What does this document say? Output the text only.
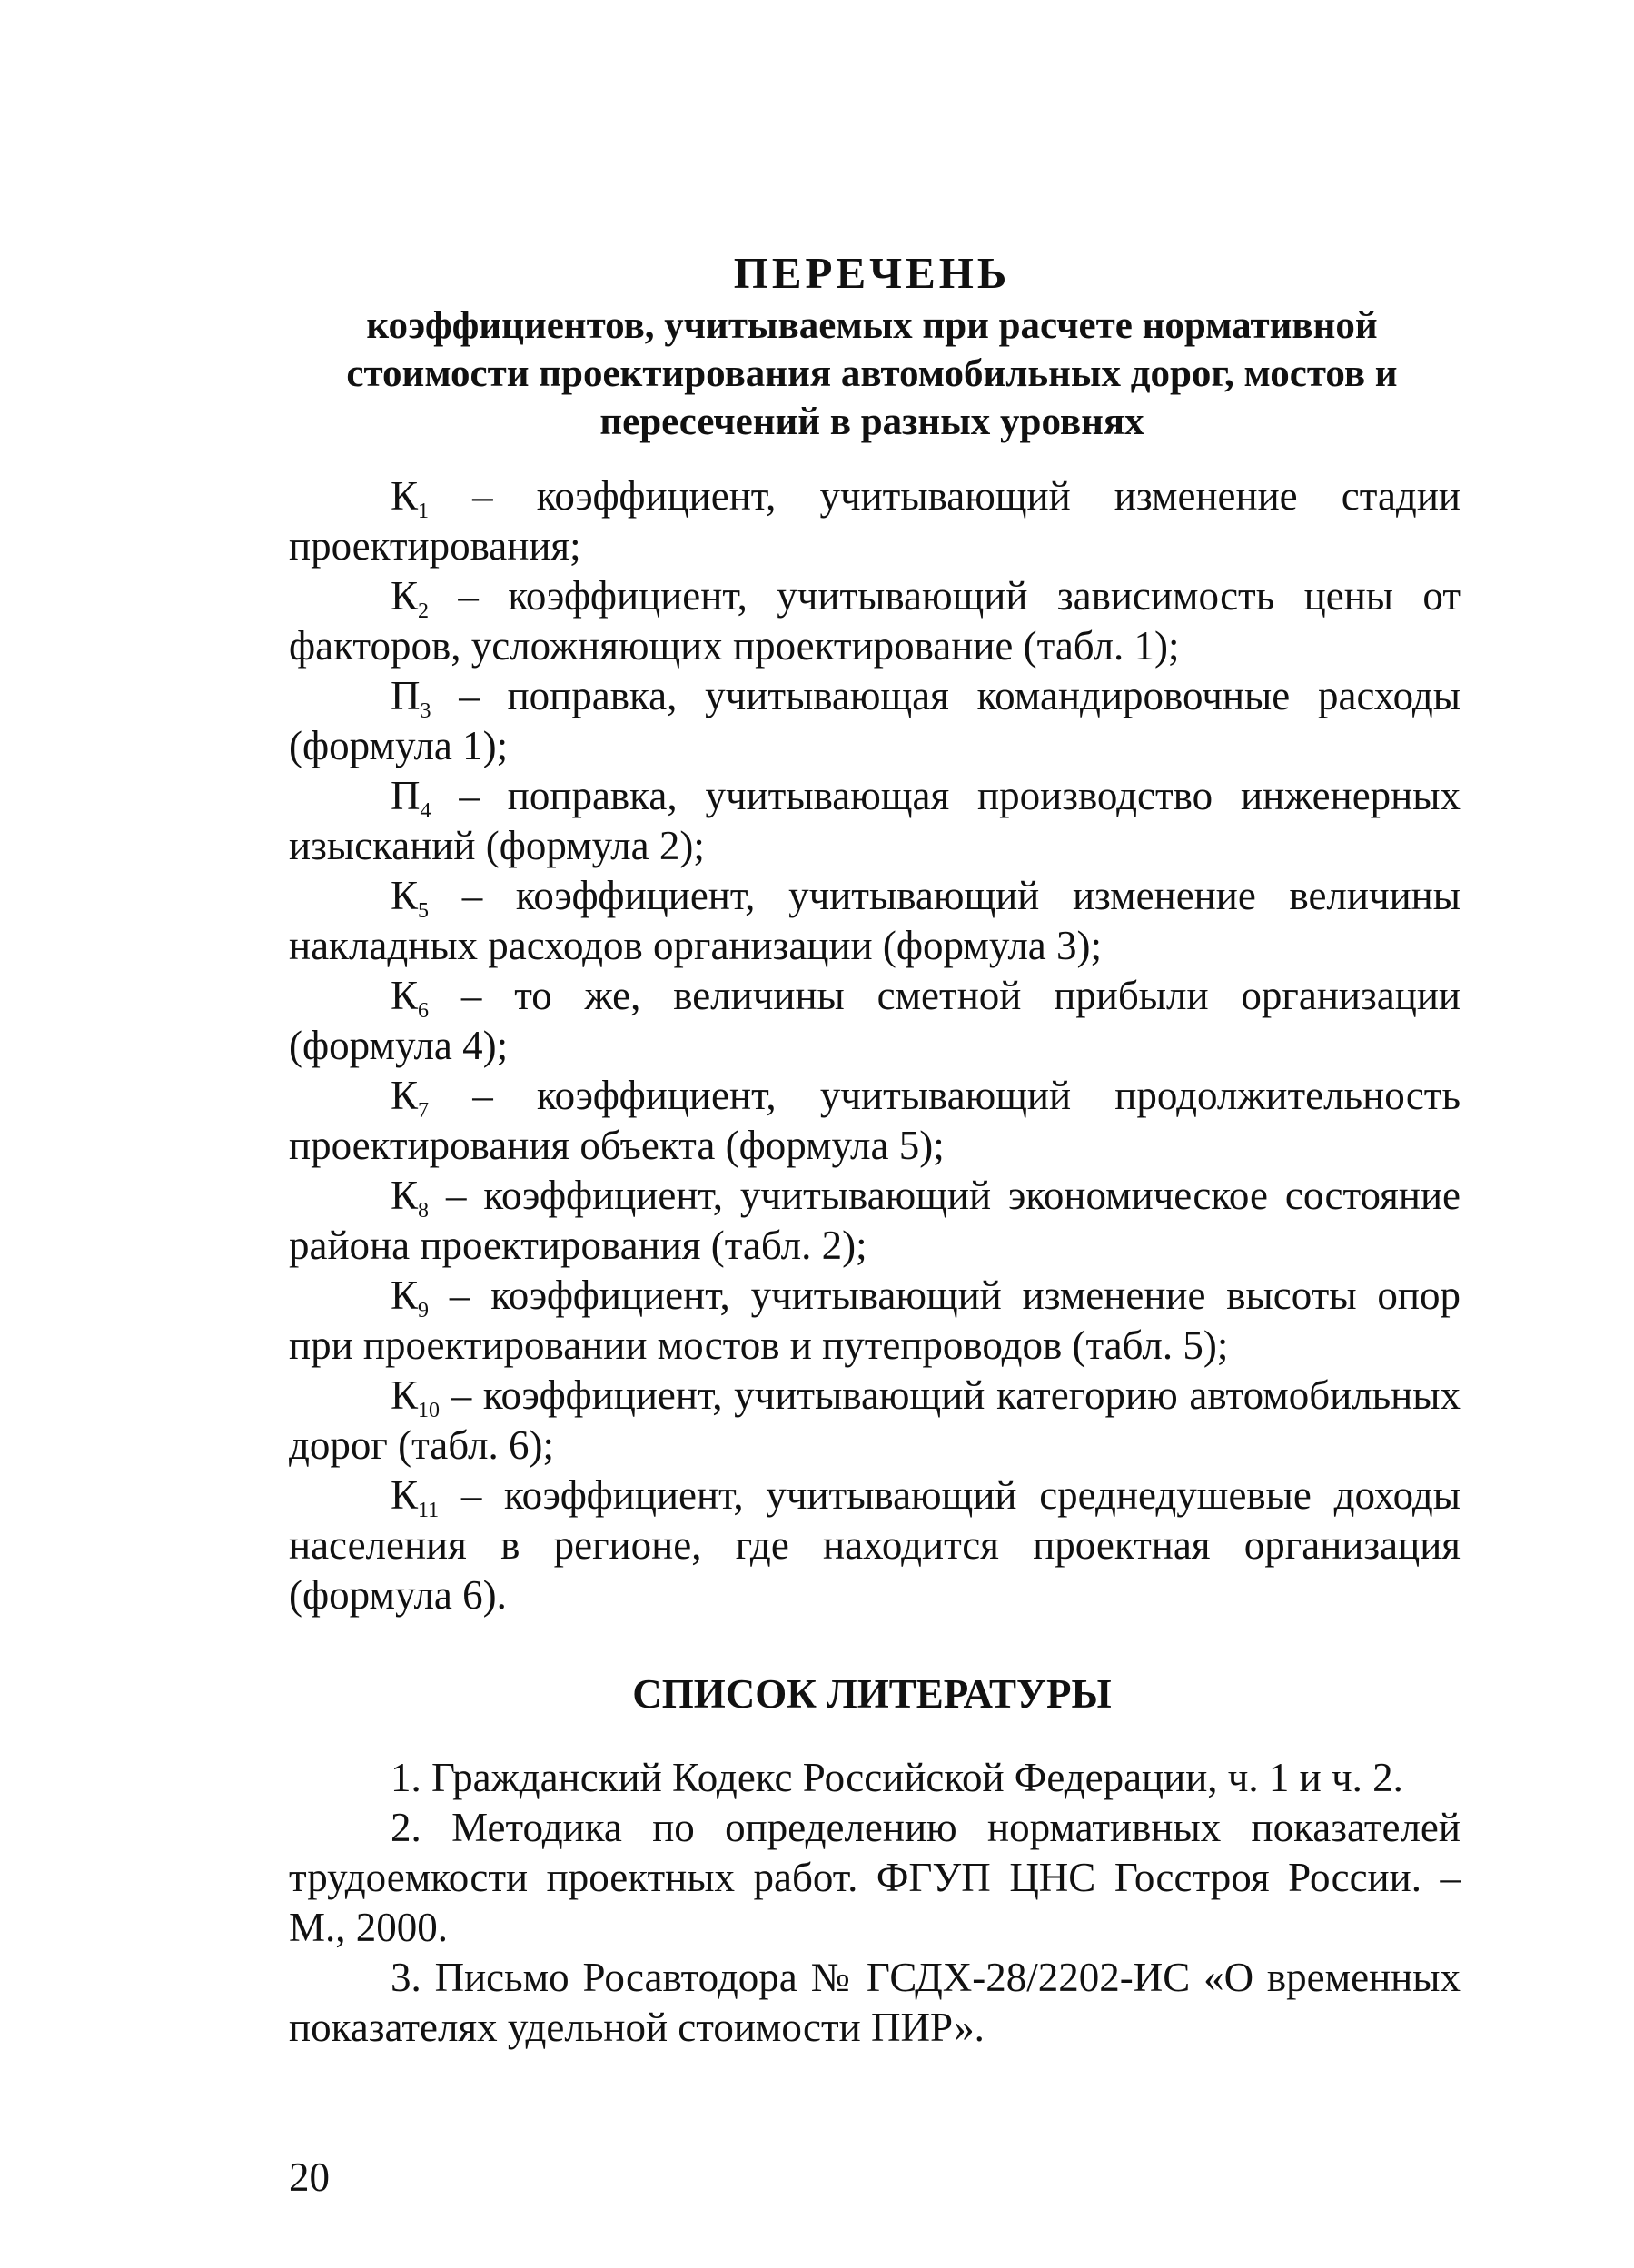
ПЕРЕЧЕНЬ
коэффициентов, учитываемых при расчете нормативной
стоимости проектирования автомобильных дорог, мостов и
пересечений в разных уровнях
$К_1$ – коэффициент, учитывающий изменение стадии проектирования;
$К_2$ – коэффициент, учитывающий зависимость цены от факторов, усложняющих проектирование (табл. 1);
$П_3$ – поправка, учитывающая командировочные расходы (формула 1);
$П_4$ – поправка, учитывающая производство инженерных изысканий (формула 2);
$К_5$ – коэффициент, учитывающий изменение величины накладных расходов организации (формула 3);
$К_6$ – то же, величины сметной прибыли организации (формула 4);
$К_7$ – коэффициент, учитывающий продолжительность проектирования объекта (формула 5);
$К_8$ – коэффициент, учитывающий экономическое состояние района проектирования (табл. 2);
$К_9$ – коэффициент, учитывающий изменение высоты опор при проектировании мостов и путепроводов (табл. 5);
$К_{10}$ – коэффициент, учитывающий категорию автомобильных дорог (табл. 6);
$К_{11}$ – коэффициент, учитывающий среднедушевые доходы населения в регионе, где находится проектная организация (формула 6).
СПИСОК ЛИТЕРАТУРЫ
1. Гражданский Кодекс Российской Федерации, ч. 1 и ч. 2.
2. Методика по определению нормативных показателей трудоемкости проектных работ. ФГУП ЦНС Госстроя России. – М., 2000.
3. Письмо Росавтодора № ГСДХ-28/2202-ИС «О временных показателях удельной стоимости ПИР».
20
